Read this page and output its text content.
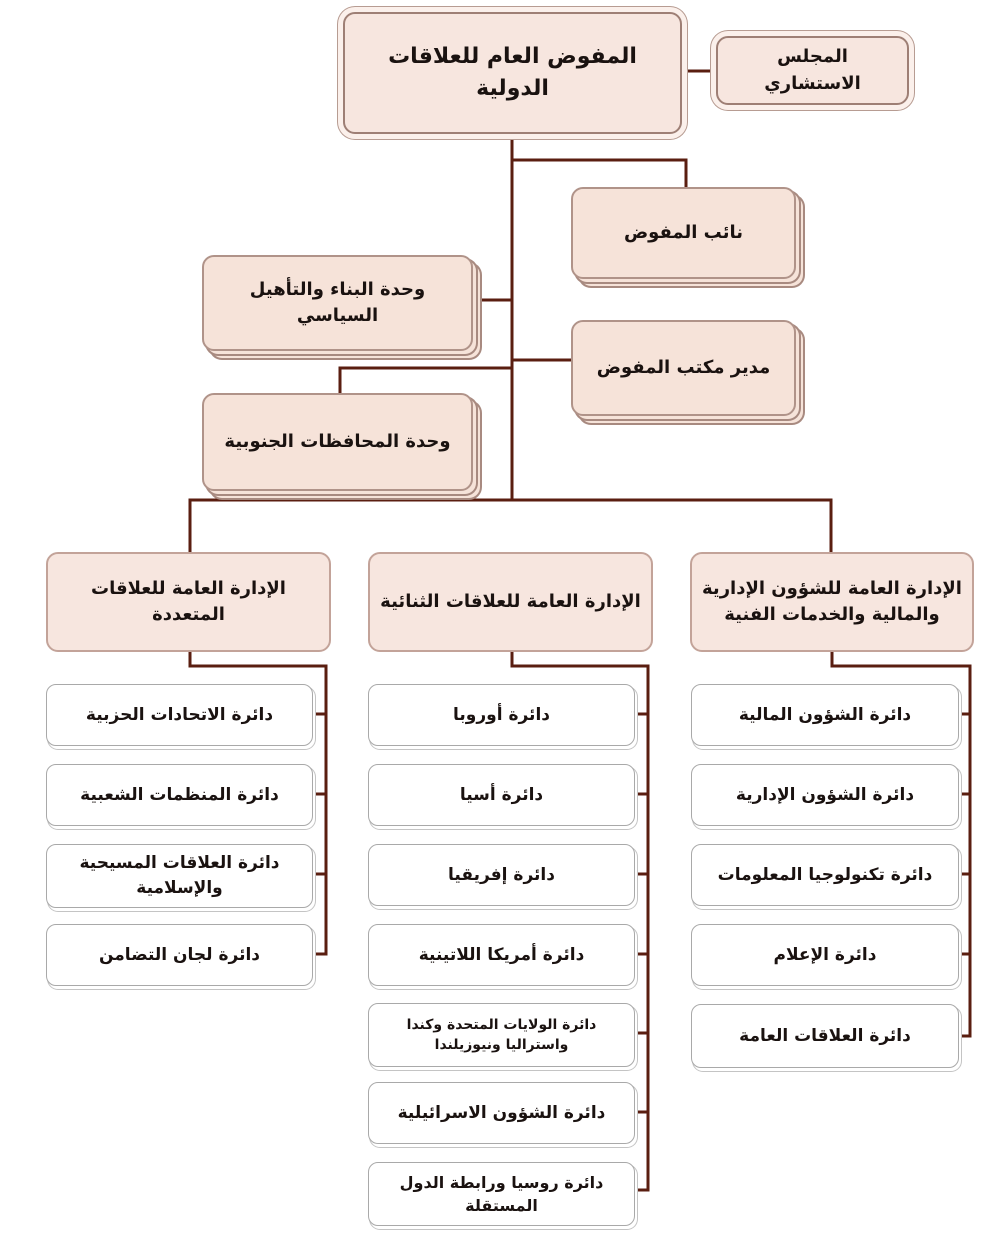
المفوض العام للعلاقات الدولية
المجلس الاستشاري
نائب المفوض
وحدة البناء والتأهيل السياسي
مدير مكتب المفوض
وحدة المحافظات الجنوبية
الإدارة العامة للشؤون الإدارية والمالية والخدمات الفنية
الإدارة العامة للعلاقات الثنائية
الإدارة العامة للعلاقات المتعددة
دائرة الشؤون المالية
دائرة الشؤون الإدارية
دائرة تكنولوجيا المعلومات
دائرة الإعلام
دائرة العلاقات العامة
دائرة أوروبا
دائرة أسيا
دائرة إفريقيا
دائرة أمريكا اللاتينية
دائرة الولايات المتحدة وكندا واستراليا ونيوزيلندا
دائرة الشؤون الاسرائيلية
دائرة روسيا ورابطة الدول المستقلة
دائرة الاتحادات الحزبية
دائرة المنظمات الشعبية
دائرة العلاقات المسيحية والإسلامية
دائرة لجان التضامن
